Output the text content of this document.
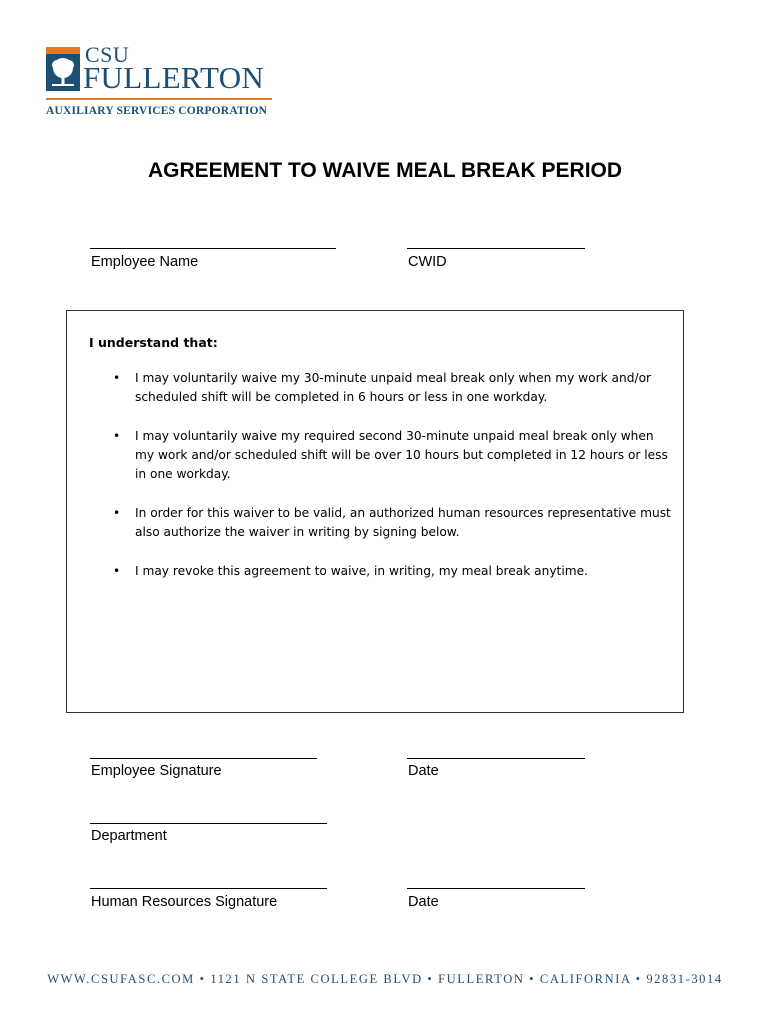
CSU
FULLERTON
AUXILIARY SERVICES CORPORATION
AGREEMENT TO WAIVE MEAL BREAK PERIOD
Employee Name	CWID
I understand that:
• I may voluntarily waive my 30-minute unpaid meal break only when my work and/or scheduled shift will be completed in 6 hours or less in one workday.
• I may voluntarily waive my required second 30-minute unpaid meal break only when my work and/or scheduled shift will be over 10 hours but completed in 12 hours or less in one workday.
• In order for this waiver to be valid, an authorized human resources representative must also authorize the waiver in writing by signing below.
• I may revoke this agreement to waive, in writing, my meal break anytime.
Employee Signature	Date
Department
Human Resources Signature	Date
WWW.CSUFASC.COM • 1121 N STATE COLLEGE BLVD • FULLERTON • CALIFORNIA • 92831-3014
